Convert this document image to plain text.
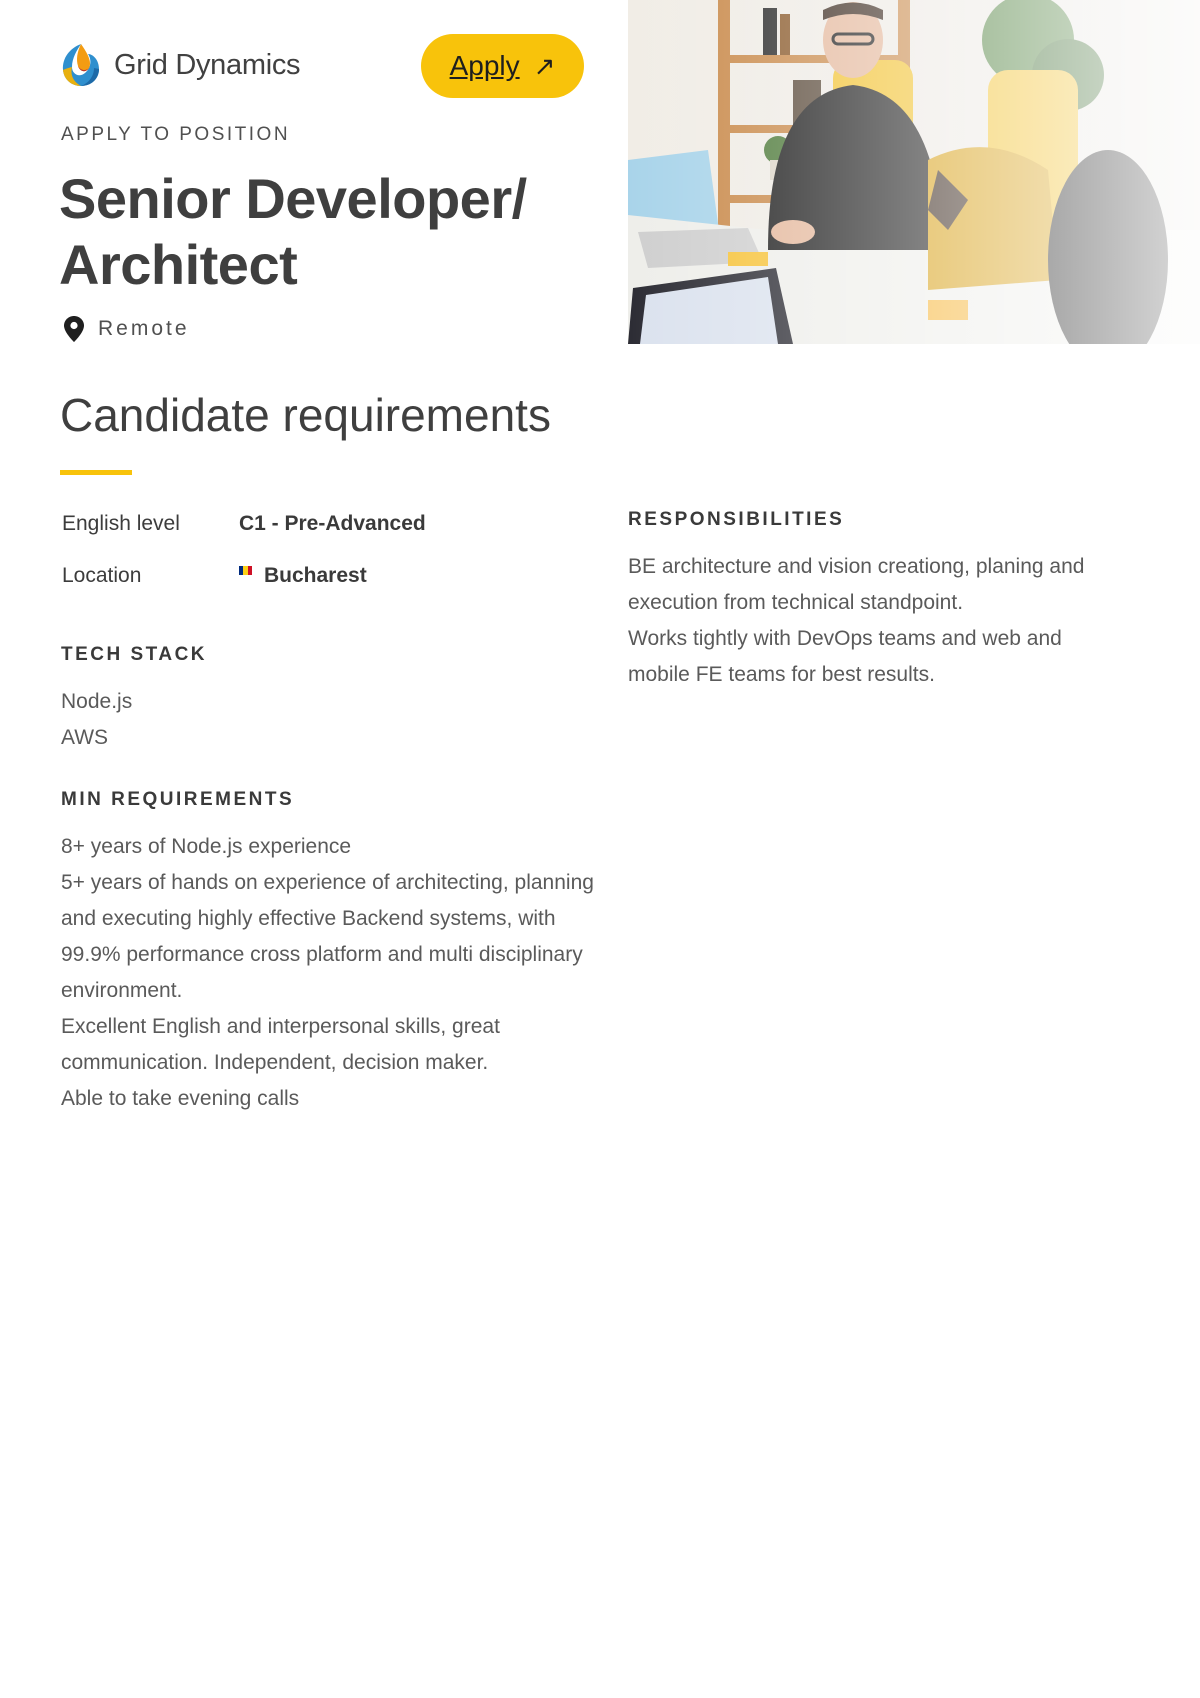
Grid Dynamics	Apply ↗
APPLY TO POSITION
Senior Developer/ Architect
Remote
Candidate requirements
English level	C1 - Pre-Advanced
Location	Bucharest
TECH STACK
Node.js
AWS
MIN REQUIREMENTS
8+ years of Node.js experience
5+ years of hands on experience of architecting, planning and executing highly effective Backend systems, with 99.9% performance cross platform and multi disciplinary environment.
Excellent English and interpersonal skills, great communication. Independent, decision maker.
Able to take evening calls
RESPONSIBILITIES
BE architecture and vision creationg, planing and execution from technical standpoint.
Works tightly with DevOps teams and web and mobile FE teams for best results.
